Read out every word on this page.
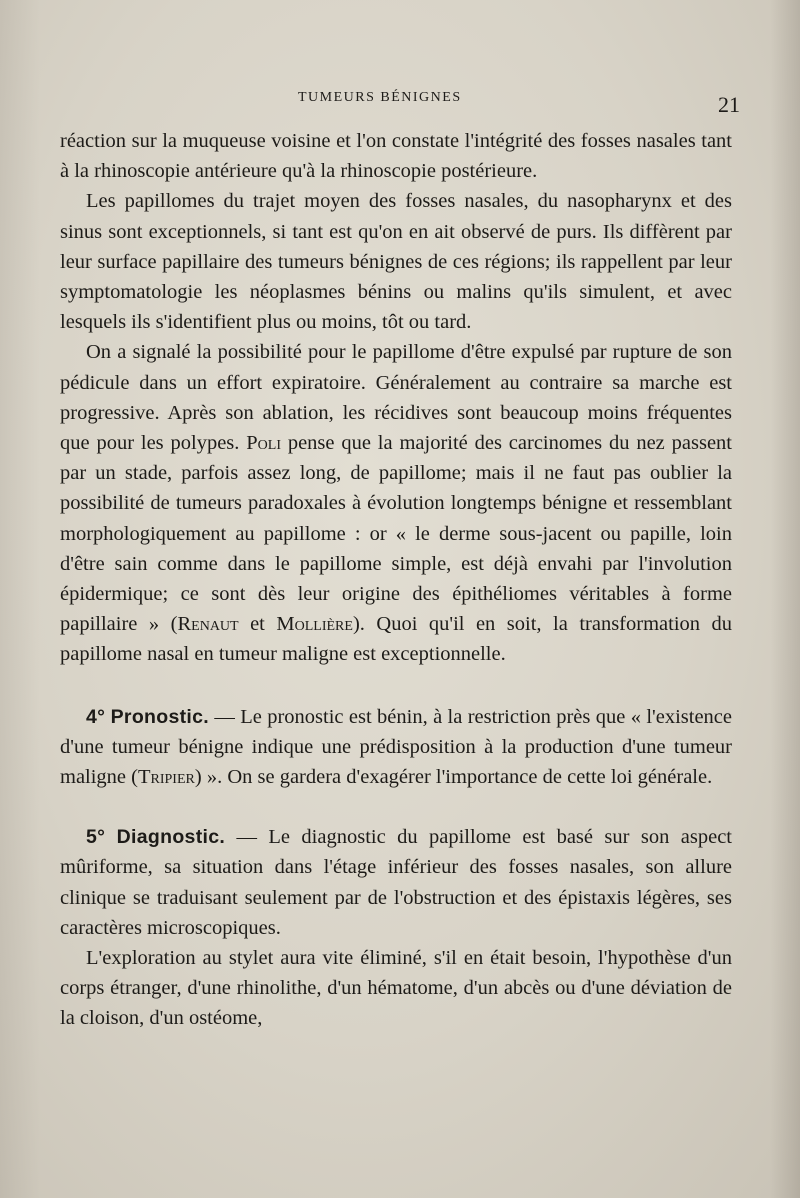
TUMEURS BÉNIGNES	21

réaction sur la muqueuse voisine et l'on constate l'intégrité des fosses nasales tant à la rhinoscopie antérieure qu'à la rhinoscopie postérieure.

Les papillomes du trajet moyen des fosses nasales, du nasopharynx et des sinus sont exceptionnels, si tant est qu'on en ait observé de purs. Ils diffèrent par leur surface papillaire des tumeurs bénignes de ces régions; ils rappellent par leur symptomatologie les néoplasmes bénins ou malins qu'ils simulent, et avec lesquels ils s'identifient plus ou moins, tôt ou tard.

On a signalé la possibilité pour le papillome d'être expulsé par rupture de son pédicule dans un effort expiratoire. Généralement au contraire sa marche est progressive. Après son ablation, les récidives sont beaucoup moins fréquentes que pour les polypes. Poli pense que la majorité des carcinomes du nez passent par un stade, parfois assez long, de papillome; mais il ne faut pas oublier la possibilité de tumeurs paradoxales à évolution longtemps bénigne et ressemblant morphologiquement au papillome : or « le derme sous-jacent ou papille, loin d'être sain comme dans le papillome simple, est déjà envahi par l'involution épidermique; ce sont dès leur origine des épithéliomes véritables à forme papillaire » (Renaut et Mollière). Quoi qu'il en soit, la transformation du papillome nasal en tumeur maligne est exceptionnelle.

4° Pronostic. — Le pronostic est bénin, à la restriction près que « l'existence d'une tumeur bénigne indique une prédisposition à la production d'une tumeur maligne (Tripier) ». On se gardera d'exagérer l'importance de cette loi générale.

5° Diagnostic. — Le diagnostic du papillome est basé sur son aspect mûriforme, sa situation dans l'étage inférieur des fosses nasales, son allure clinique se traduisant seulement par de l'obstruction et des épistaxis légères, ses caractères microscopiques.

L'exploration au stylet aura vite éliminé, s'il en était besoin, l'hypothèse d'un corps étranger, d'une rhinolithe, d'un hématome, d'un abcès ou d'une déviation de la cloison, d'un ostéome,
